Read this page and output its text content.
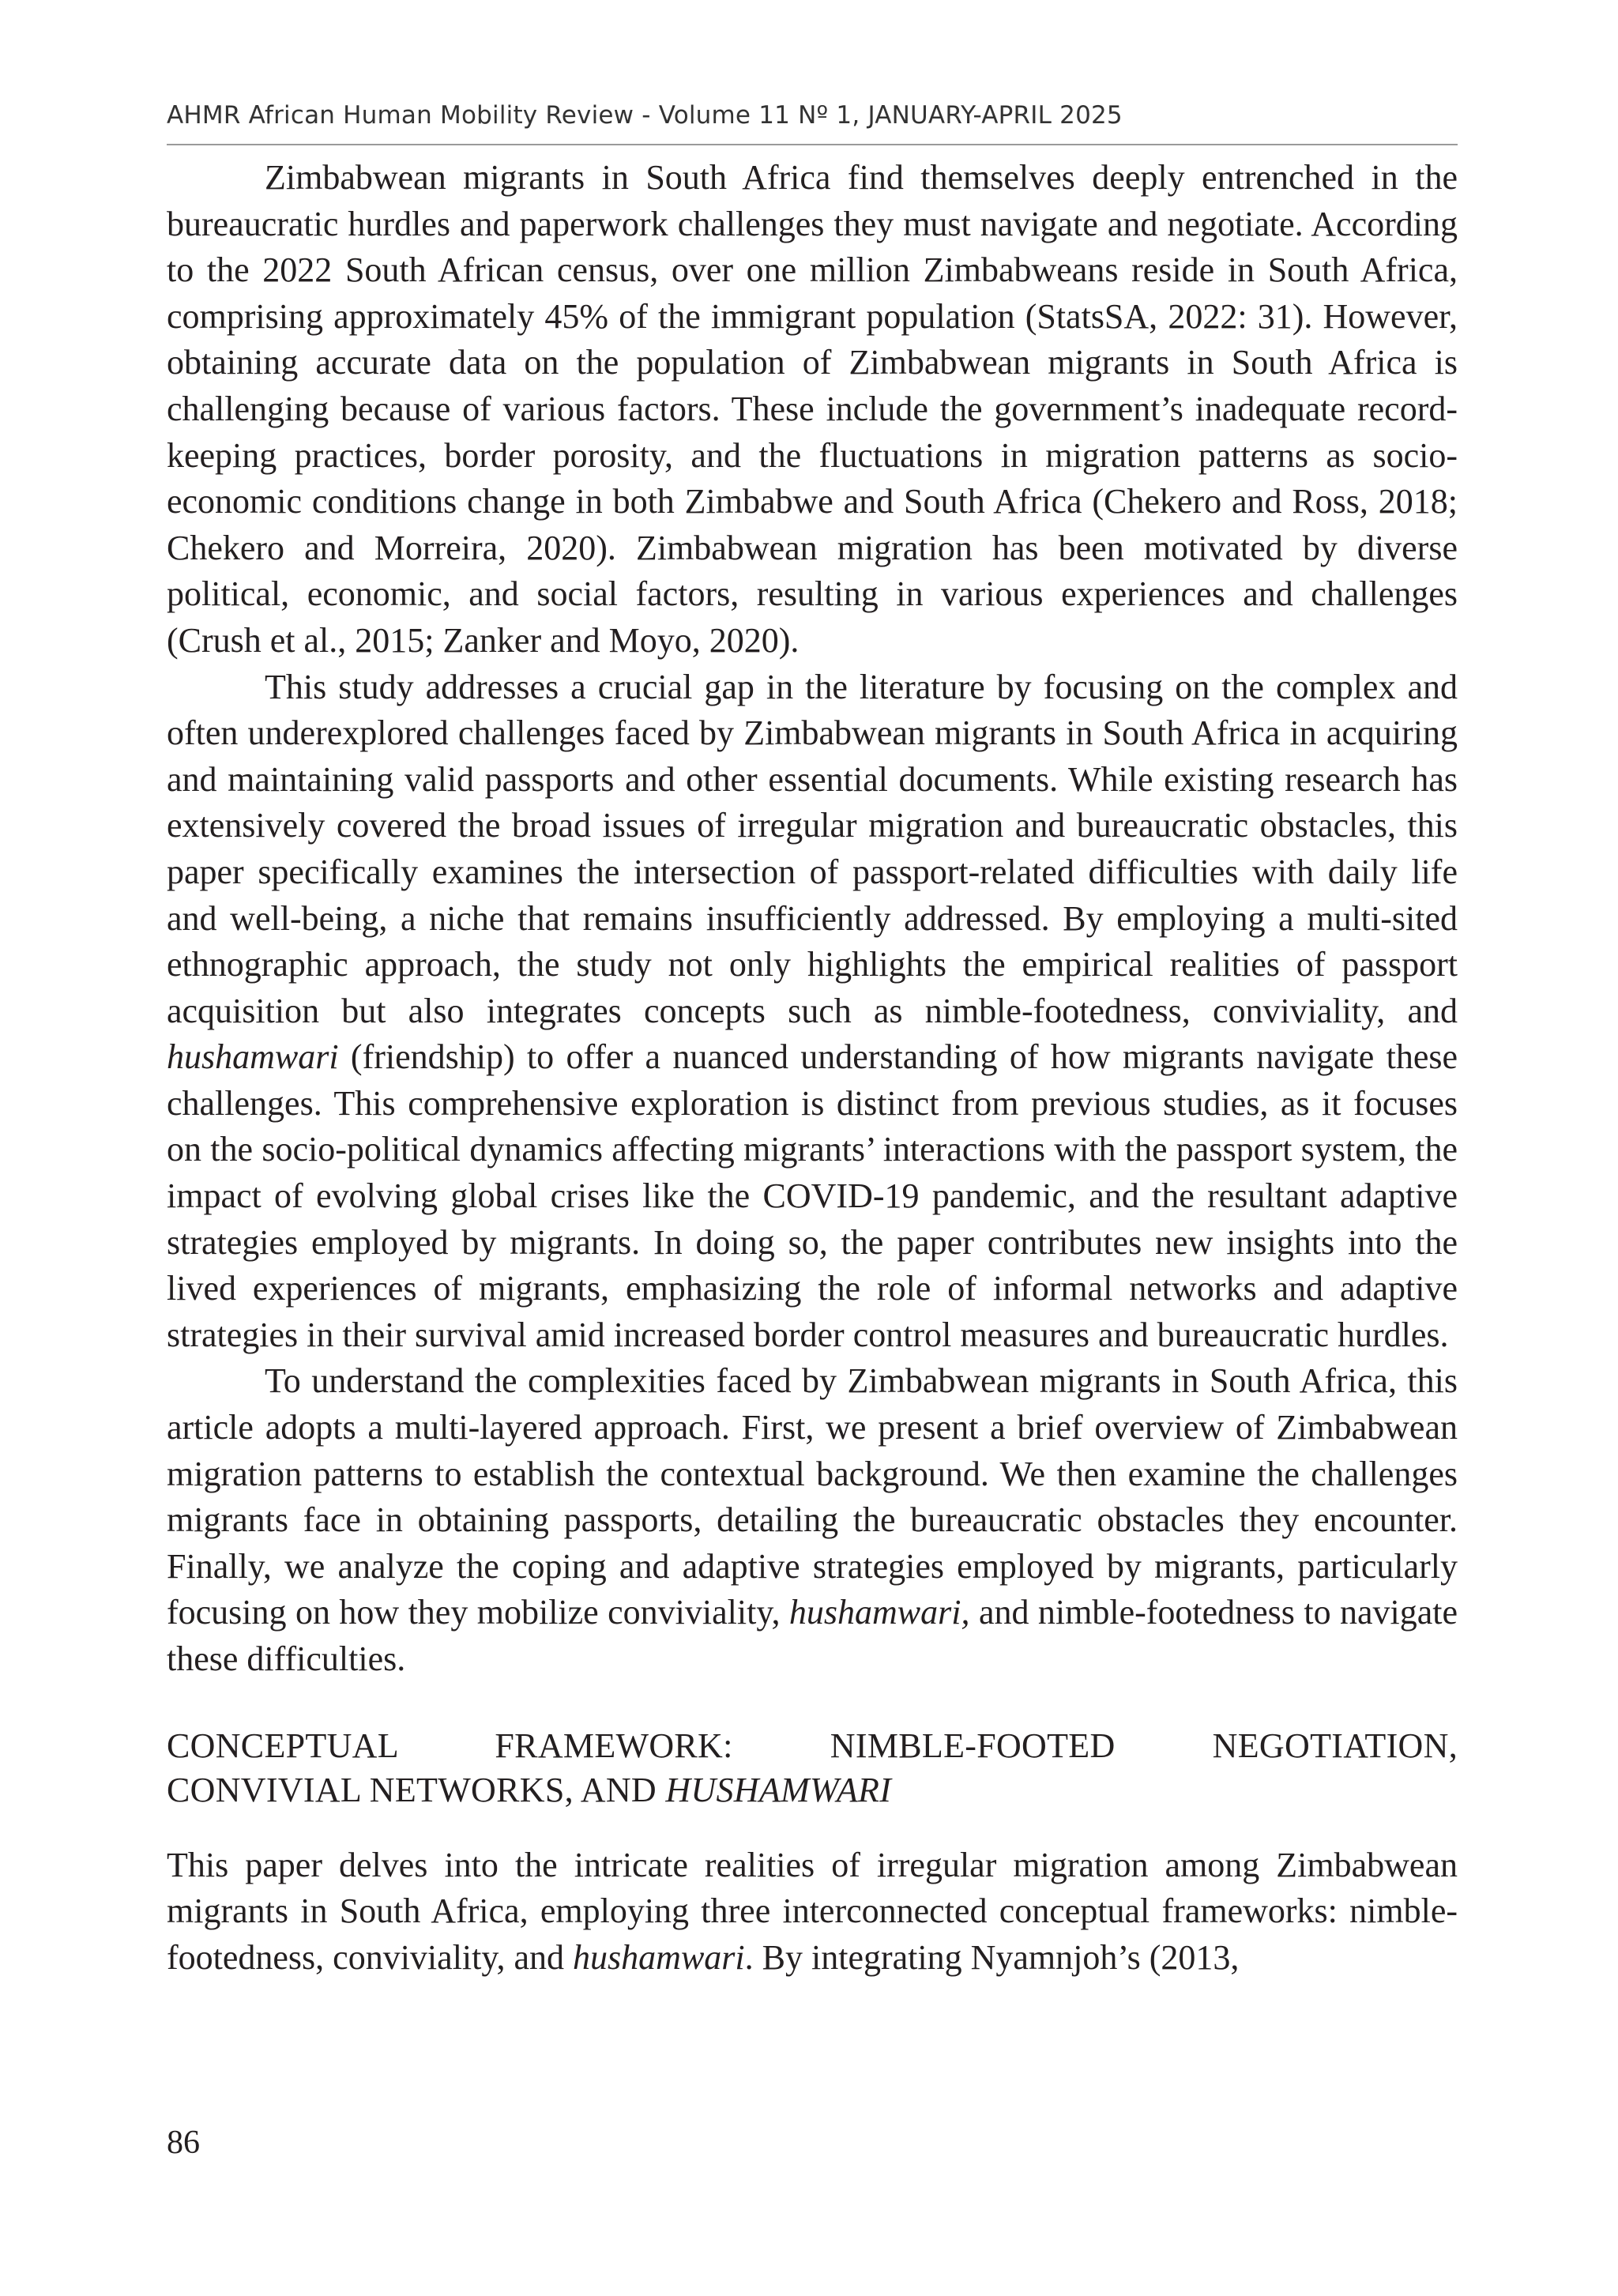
AHMR African Human Mobility Review - Volume 11 Nº 1, JANUARY-APRIL 2025

Zimbabwean migrants in South Africa find themselves deeply entrenched in the bureaucratic hurdles and paperwork challenges they must navigate and negotiate. According to the 2022 South African census, over one million Zimbabweans reside in South Africa, comprising approximately 45% of the immigrant population (StatsSA, 2022: 31). However, obtaining accurate data on the population of Zimbabwean migrants in South Africa is challenging because of various factors. These include the government’s inadequate record-keeping practices, border porosity, and the fluctuations in migration patterns as socio-economic conditions change in both Zimbabwe and South Africa (Chekero and Ross, 2018; Chekero and Morreira, 2020). Zimbabwean migration has been motivated by diverse political, economic, and social factors, resulting in various experiences and challenges (Crush et al., 2015; Zanker and Moyo, 2020).

This study addresses a crucial gap in the literature by focusing on the complex and often underexplored challenges faced by Zimbabwean migrants in South Africa in acquiring and maintaining valid passports and other essential documents. While existing research has extensively covered the broad issues of irregular migration and bureaucratic obstacles, this paper specifically examines the intersection of passport-related difficulties with daily life and well-being, a niche that remains insufficiently addressed. By employing a multi-sited ethnographic approach, the study not only highlights the empirical realities of passport acquisition but also integrates concepts such as nimble-footedness, conviviality, and hushamwari (friendship) to offer a nuanced understanding of how migrants navigate these challenges. This comprehensive exploration is distinct from previous studies, as it focuses on the socio-political dynamics affecting migrants’ interactions with the passport system, the impact of evolving global crises like the COVID-19 pandemic, and the resultant adaptive strategies employed by migrants. In doing so, the paper contributes new insights into the lived experiences of migrants, emphasizing the role of informal networks and adaptive strategies in their survival amid increased border control measures and bureaucratic hurdles.

To understand the complexities faced by Zimbabwean migrants in South Africa, this article adopts a multi-layered approach. First, we present a brief overview of Zimbabwean migration patterns to establish the contextual background. We then examine the challenges migrants face in obtaining passports, detailing the bureaucratic obstacles they encounter. Finally, we analyze the coping and adaptive strategies employed by migrants, particularly focusing on how they mobilize conviviality, hushamwari, and nimble-footedness to navigate these difficulties.

CONCEPTUAL FRAMEWORK: NIMBLE-FOOTED NEGOTIATION,
CONVIVIAL NETWORKS, AND HUSHAMWARI

This paper delves into the intricate realities of irregular migration among Zimbabwean migrants in South Africa, employing three interconnected conceptual frameworks: nimble-footedness, conviviality, and hushamwari. By integrating Nyamnjoh’s (2013,

86
